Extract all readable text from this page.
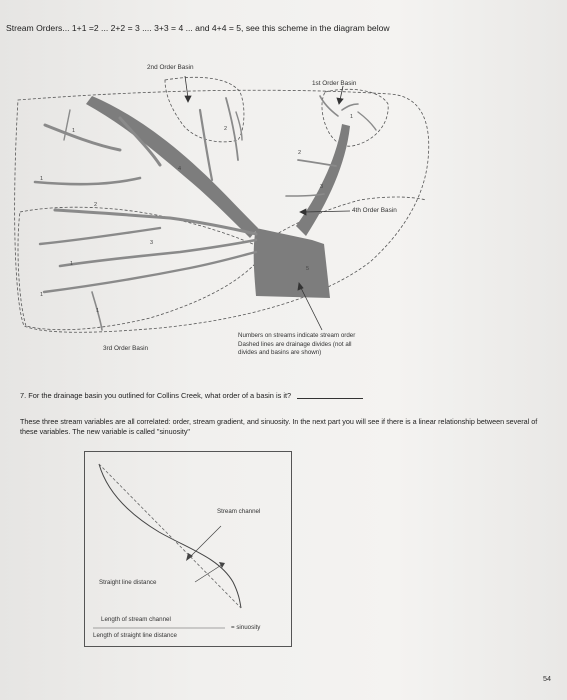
Stream Orders... 1+1 =2 ... 2+2 = 3 .... 3+3 = 4 ... and 4+4 = 5, see this scheme in the diagram below
1
1
1
1
1
1
2
2
2
3
3
4
5
2nd Order Basin
1st Order Basin
4th Order Basin
3rd Order Basin
Numbers on streams indicate stream order
Dashed lines are drainage divides (not all
divides and basins are shown)
7. For the drainage basin you outlined for Collins Creek, what order of a basin is it?
These three stream variables are all correlated: order, stream gradient, and sinuosity. In the next part you will see if there is a linear relationship between several of these variables. The new variable is called "sinuosity"
Stream channel
Straight line distance
Length of stream channel
Length of straight line distance
= sinuosity
54
